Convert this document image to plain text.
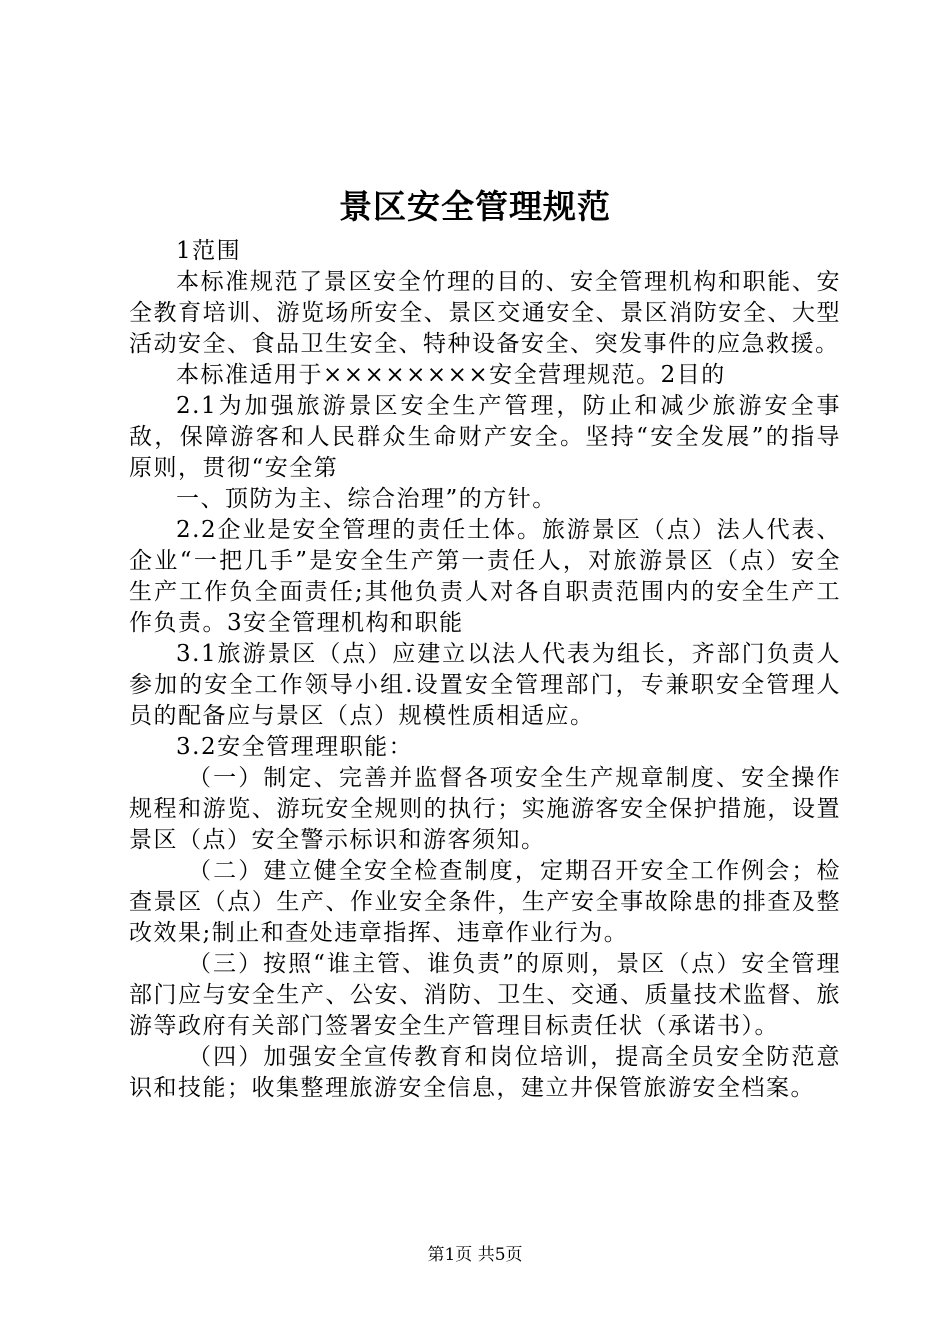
景区安全管理规范

1范围

本标准规范了景区安全竹理的目的、安全管理机构和职能、安全教育培训、游览场所安全、景区交通安全、景区消防安全、大型活动安全、食品卫生安全、特种设备安全、突发事件的应急救援。

本标准适用于××××××××安全营理规范。2目的

2.1为加强旅游景区安全生产管理，防止和减少旅游安全事敌，保障游客和人民群众生命财产安全。坚持“安全发展”的指导原则，贯彻“安全第

一、顶防为主、综合治理”的方针。

2.2企业是安全管理的责任土体。旅游景区（点）法人代表、企业“一把几手”是安全生产第一责任人，对旅游景区（点）安全生产工作负全面责任;其他负责人对各自职责范围内的安全生产工作负责。3安全管理机构和职能

3.1旅游景区（点）应建立以法人代表为组长，齐部门负责人参加的安全工作领导小组.设置安全管理部门，专兼职安全管理人员的配备应与景区（点）规模性质相适应。

3.2安全管理理职能：

（一）制定、完善并监督各项安全生产规章制度、安全操作规程和游览、游玩安全规则的执行；实施游客安全保护措施，设置景区（点）安全警示标识和游客须知。

（二）建立健全安全检查制度，定期召开安全工作例会；检查景区（点）生产、作业安全条件，生产安全事故除患的排查及整改效果;制止和查处违章指挥、违章作业行为。

（三）按照“谁主管、谁负责”的原则，景区（点）安全管理部门应与安全生产、公安、消防、卫生、交通、质量技术监督、旅游等政府有关部门签署安全生产管理目标责任状（承诺书）。

（四）加强安全宣传教育和岗位培训，提高全员安全防范意识和技能；收集整理旅游安全信息，建立井保管旅游安全档案。

第1页 共5页
